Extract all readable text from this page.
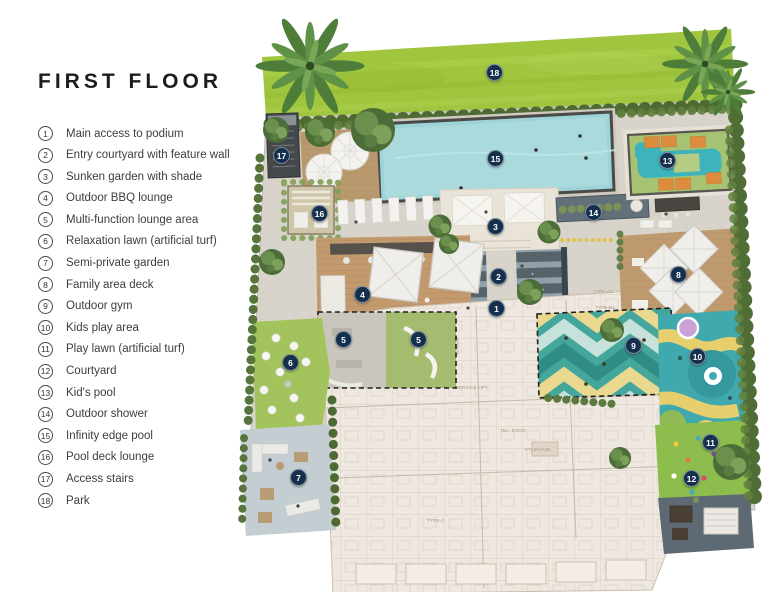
FIRST FLOOR
1	Main access to podium
2	Entry courtyard with feature wall
3	Sunken garden with shade
4	Outdoor BBQ lounge
5	Multi-function lounge area
6	Relaxation lawn (artificial turf)
7	Semi-private garden
8	Family area deck
9	Outdoor gym
10 Kids play area
11 Play lawn (artificial turf)
12 Courtyard
13 Kid's pool
14 Outdoor shower
15 Infinity edge pool
16 Pool deck lounge
17 Access stairs
18 Park
TYPE-C
TYPE-B1
TYPE-A2
SERVICE LIFT
STAIRCASE
TEL. ROOM
1
2
3
4
5	5
6
7
8
9
10
11
12
13
14
15
16
17
18
